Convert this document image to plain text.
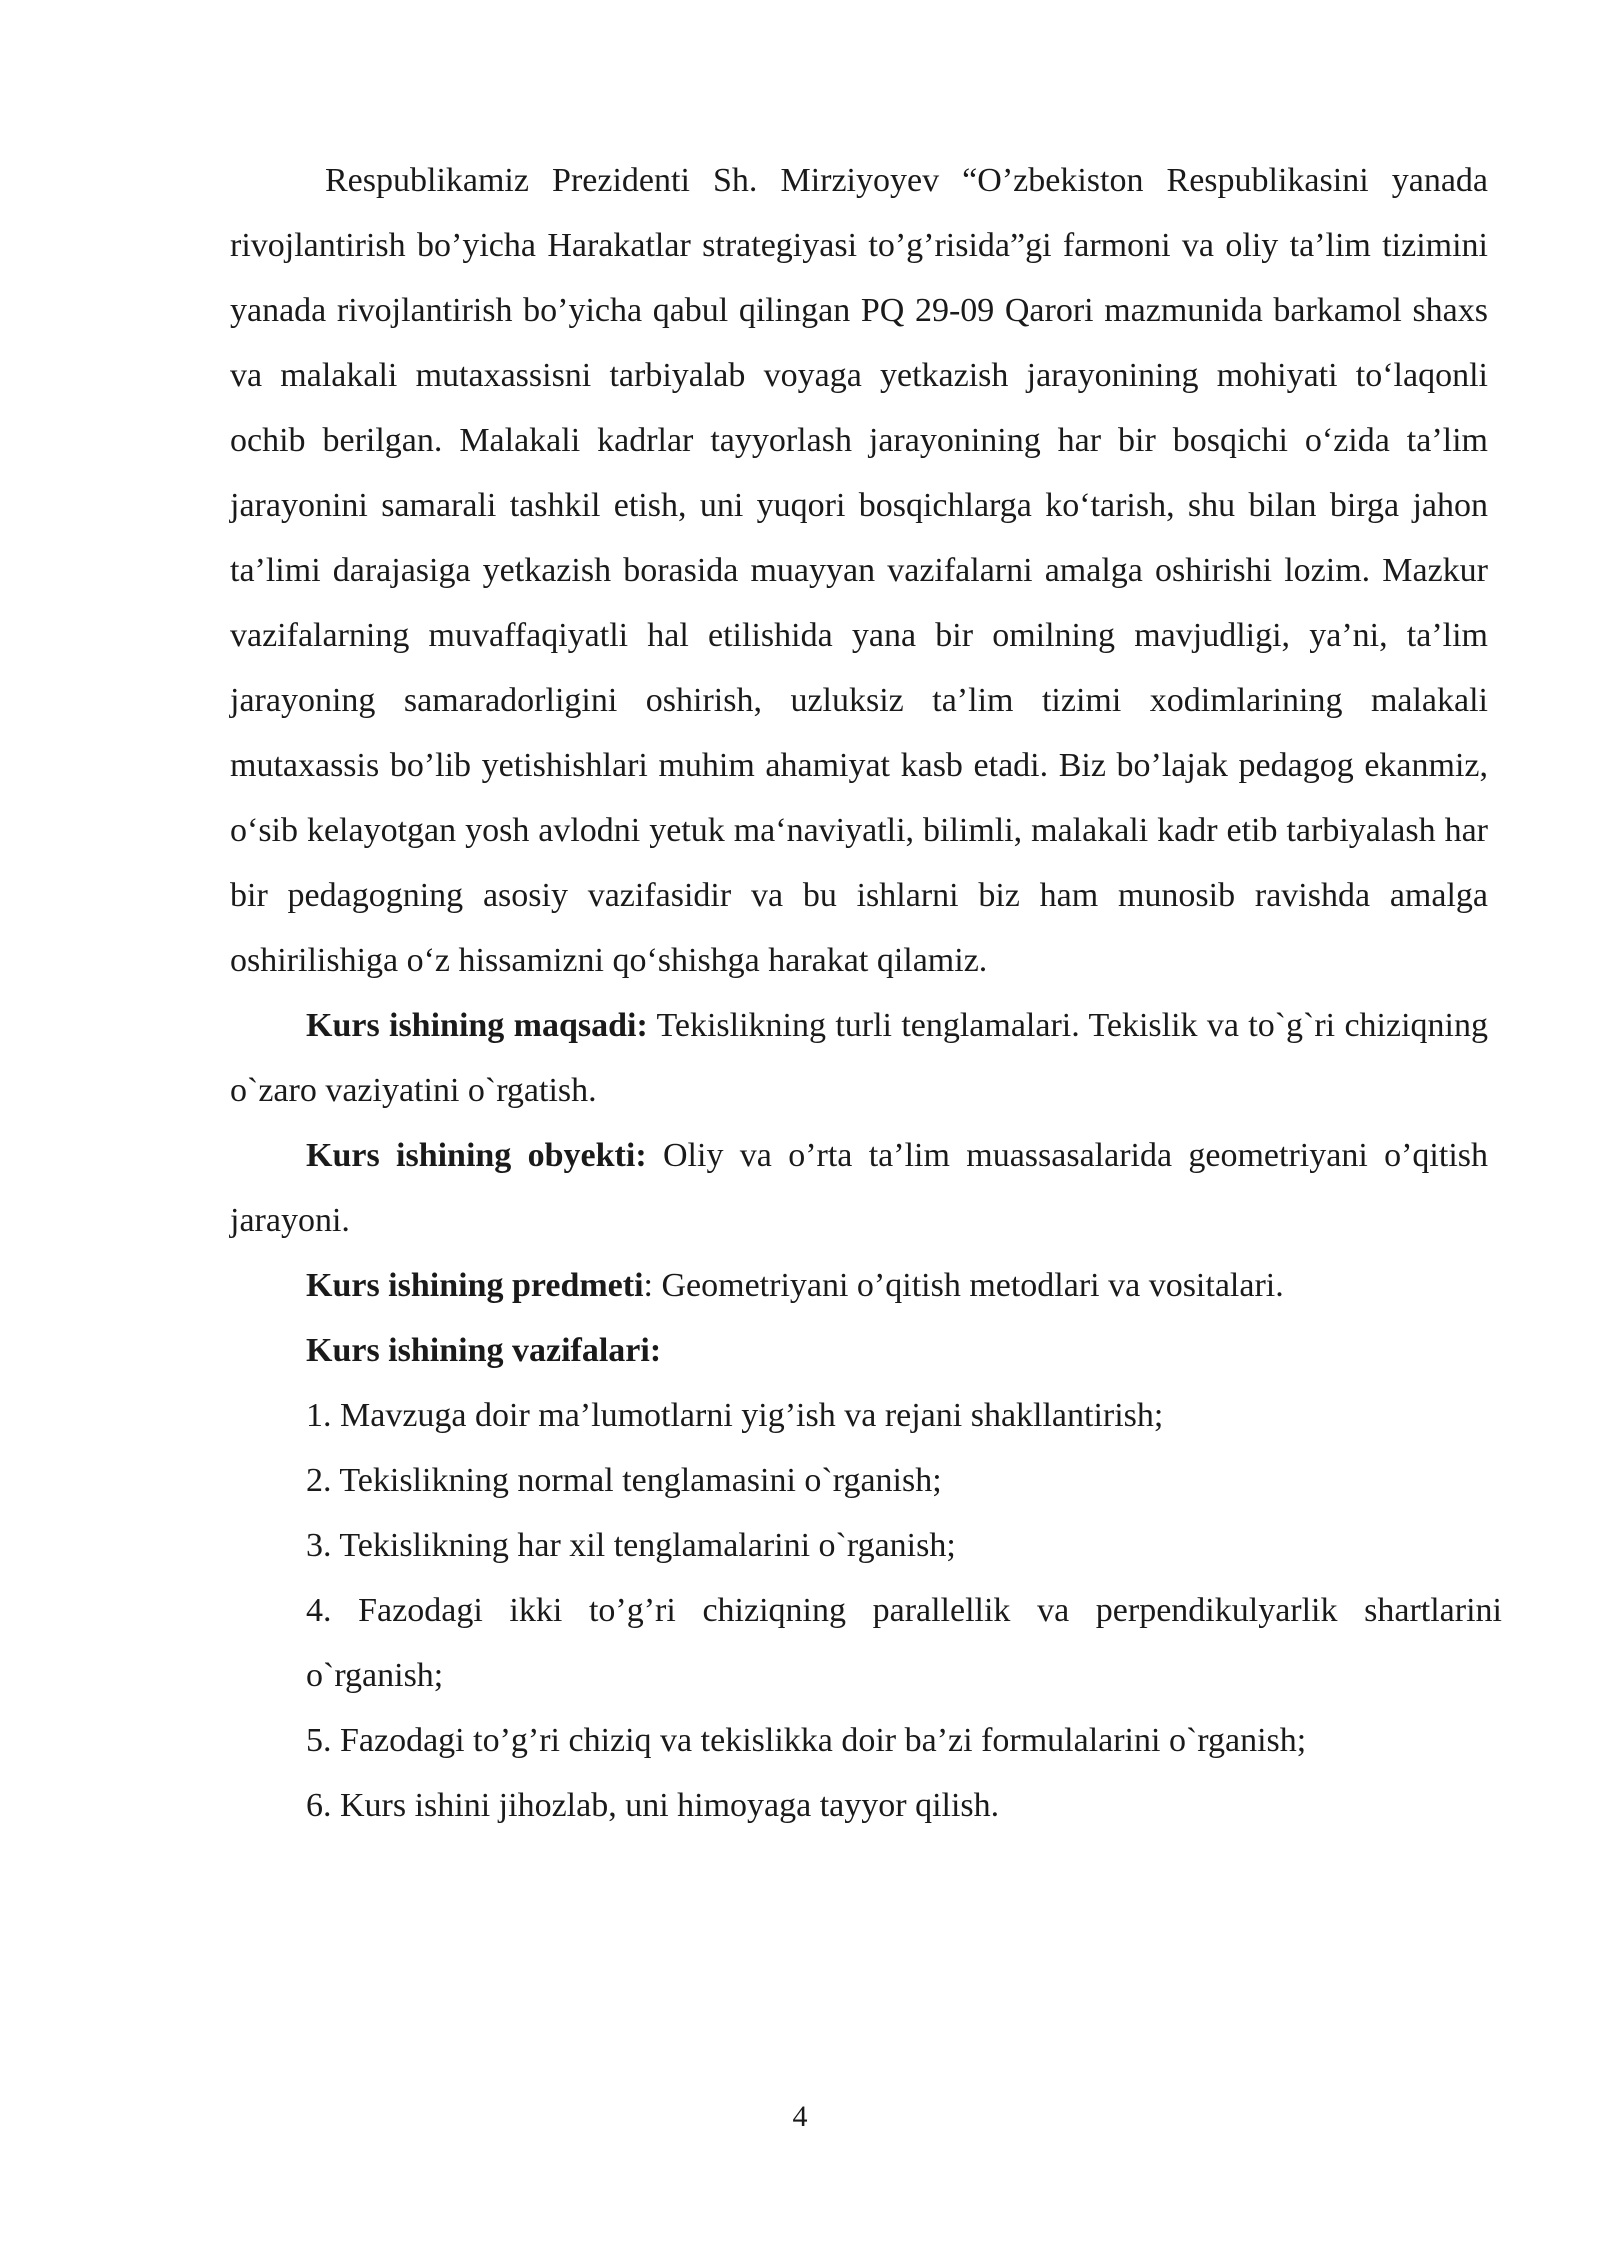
Respublikamiz Prezidenti Sh. Mirziyoyev “O’zbekiston Respublikasini yanada rivojlantirish bo’yicha Harakatlar strategiyasi to’g’risida”gi farmoni va oliy ta’lim tizimini yanada rivojlantirish bo’yicha qabul qilingan PQ 29-09 Qarori mazmunida barkamol shaxs va malakali mutaxassisni tarbiyalab voyaga yetkazish jarayonining mohiyati to‘laqonli ochib berilgan. Malakali kadrlar tayyorlash jarayonining har bir bosqichi o‘zida ta’lim jarayonini samarali tashkil etish, uni yuqori bosqichlarga ko‘tarish, shu bilan birga jahon ta’limi darajasiga yetkazish borasida muayyan vazifalarni amalga oshirishi lozim. Mazkur vazifalarning muvaffaqiyatli hal etilishida yana bir omilning mavjudligi, ya’ni, ta’lim jarayoning samaradorligini oshirish, uzluksiz ta’lim tizimi xodimlarining malakali mutaxassis bo’lib yetishishlari muhim ahamiyat kasb etadi. Biz bo’lajak pedagog ekanmiz, o‘sib kelayotgan yosh avlodni yetuk ma‘naviyatli, bilimli, malakali kadr etib tarbiyalash har bir pedagogning asosiy vazifasidir va bu ishlarni biz ham munosib ravishda amalga oshirilishiga o‘z hissamizni qo‘shishga harakat qilamiz.

Kurs ishining maqsadi: Tekislikning turli tenglamalari. Tekislik va to`g`ri chiziqning o`zaro vaziyatini o`rgatish.

Kurs ishining obyekti: Oliy va o’rta ta’lim muassasalarida geometriyani o’qitish jarayoni.

Kurs ishining predmeti: Geometriyani o’qitish metodlari va vositalari.

Kurs ishining vazifalari:

1. Mavzuga doir ma’lumotlarni yig’ish va rejani shakllantirish;

2. Tekislikning normal tenglamasini o`rganish;

3. Tekislikning har xil tenglamalarini o`rganish;

4. Fazodagi ikki to’g’ri chiziqning parallellik va perpendikulyarlik shartlarini o`rganish;

5. Fazodagi to’g’ri chiziq va tekislikka doir ba’zi formulalarini o`rganish;

6. Kurs ishini jihozlab, uni himoyaga tayyor qilish.

4
